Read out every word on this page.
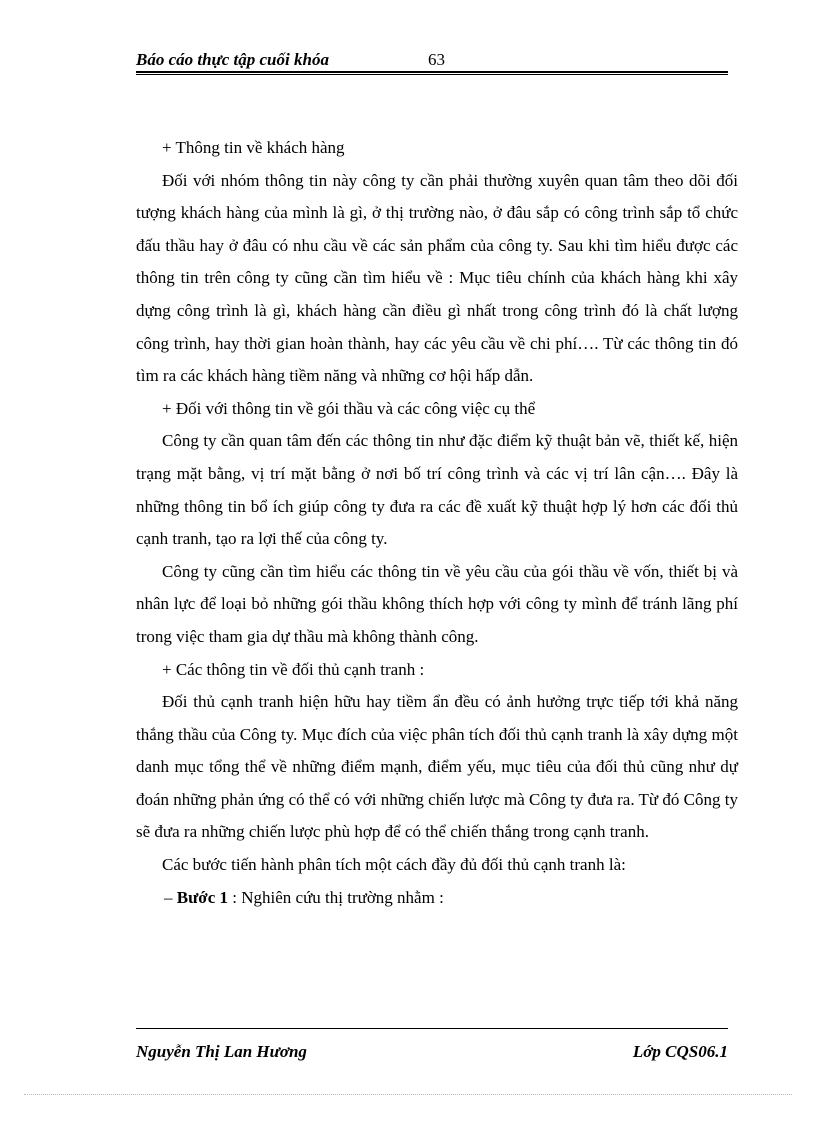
Báo cáo thực tập cuối khóa	63

+ Thông tin về khách hàng

Đối với nhóm thông tin này công ty cần phải thường xuyên quan tâm theo dõi đối tượng khách hàng của mình là gì, ở thị trường nào, ở đâu sắp có công trình sắp tổ chức đấu thầu hay ở đâu có nhu cầu về các sản phẩm của công ty. Sau khi tìm hiểu được các thông tin trên công ty cũng cần tìm hiểu về : Mục tiêu chính của khách hàng khi xây dựng công trình là gì, khách hàng cần điều gì nhất trong công trình đó là chất lượng công trình, hay thời gian hoàn thành, hay các yêu cầu về chi phí…. Từ các thông tin đó tìm ra các khách hàng tiềm năng và những cơ hội hấp dẫn.

+ Đối với thông tin về gói thầu và các công việc cụ thể

Công ty cần quan tâm đến các thông tin như đặc điểm kỹ thuật bản vẽ, thiết kế, hiện trạng mặt bằng, vị trí mặt bằng ở nơi bố trí công trình và các vị trí lân cận…. Đây là những thông tin bổ ích giúp công ty đưa ra các đề xuất kỹ thuật hợp lý hơn các đối thủ cạnh tranh, tạo ra lợi thế của công ty.

Công ty cũng cần tìm hiểu các thông tin về yêu cầu của gói thầu về vốn, thiết bị và nhân lực để loại bỏ những gói thầu không thích hợp với công ty mình để tránh lãng phí trong việc tham gia dự thầu mà không thành công.

+ Các thông tin về đối thủ cạnh tranh :

Đối thủ cạnh tranh hiện hữu hay tiềm ẩn đều có ảnh hưởng trực tiếp tới khả năng thắng thầu của Công ty. Mục đích của việc phân tích đối thủ cạnh tranh là xây dựng một danh mục tổng thể về những điểm mạnh, điểm yếu, mục tiêu của đối thủ cũng như dự đoán những phản ứng có thể có với những chiến lược mà Công ty đưa ra. Từ đó Công ty sẽ đưa ra những chiến lược phù hợp để có thể chiến thắng trong cạnh tranh.

Các bước tiến hành phân tích một cách đầy đủ đối thủ cạnh tranh là:

– Bước 1 : Nghiên cứu thị trường nhằm :

Nguyễn Thị Lan Hương	Lớp CQS06.1
